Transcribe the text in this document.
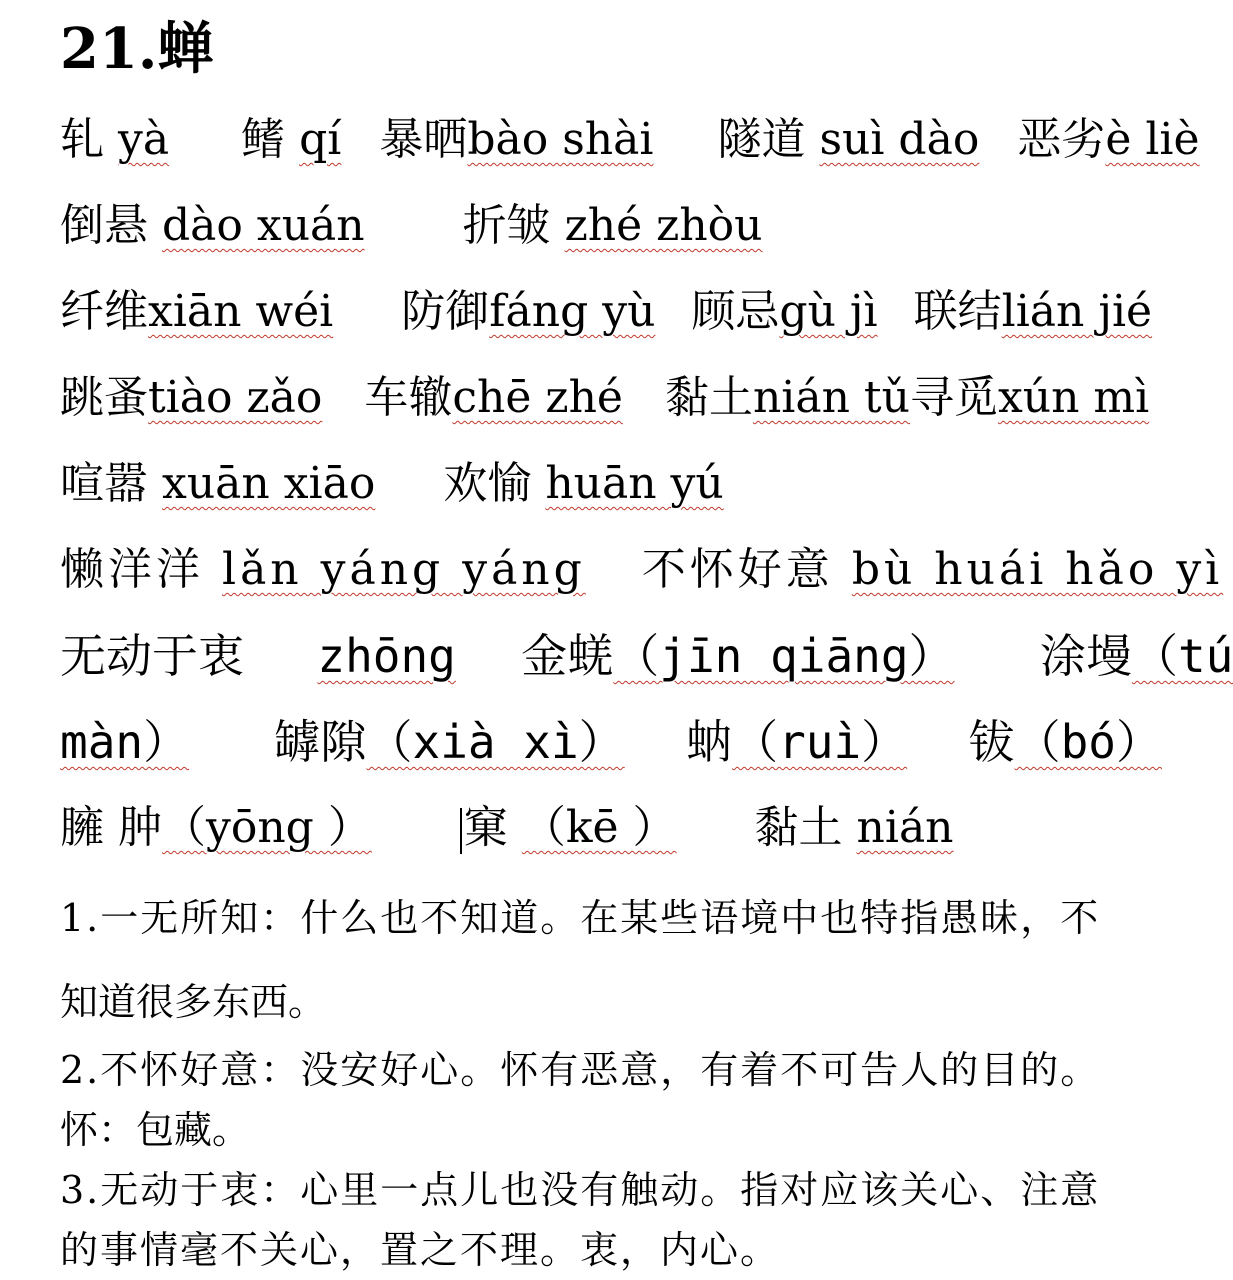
21.蝉
轧 yà 鳍 qí 暴晒bào shài 隧道 suì dào 恶劣è liè
倒悬 dào xuán 折皱 zhé zhòu
纤维xiān wéi 防御fáng yù 顾忌gù jì 联结lián jié
跳蚤tiào zǎo 车辙chē zhé 黏土nián tǔ寻觅xún mì
喧嚣 xuān xiāo 欢愉 huān yú
懒洋洋 lǎn yáng yáng 不怀好意 bù huái hǎo yì
无动于衷 zhōng 金蜣（jīn qiāng） 涂墁（tú
màn） 罅隙（xià xì） 蚋（ruì） 钹（bó）
臃 肿（yōng ） 窠 （kē ） 黏土 nián
1.一无所知：什么也不知道。在某些语境中也特指愚昧，不
知道很多东西。
2.不怀好意：没安好心。怀有恶意，有着不可告人的目的。
怀：包藏。
3.无动于衷：心里一点儿也没有触动。指对应该关心、注意
的事情毫不关心，置之不理。衷，内心。
